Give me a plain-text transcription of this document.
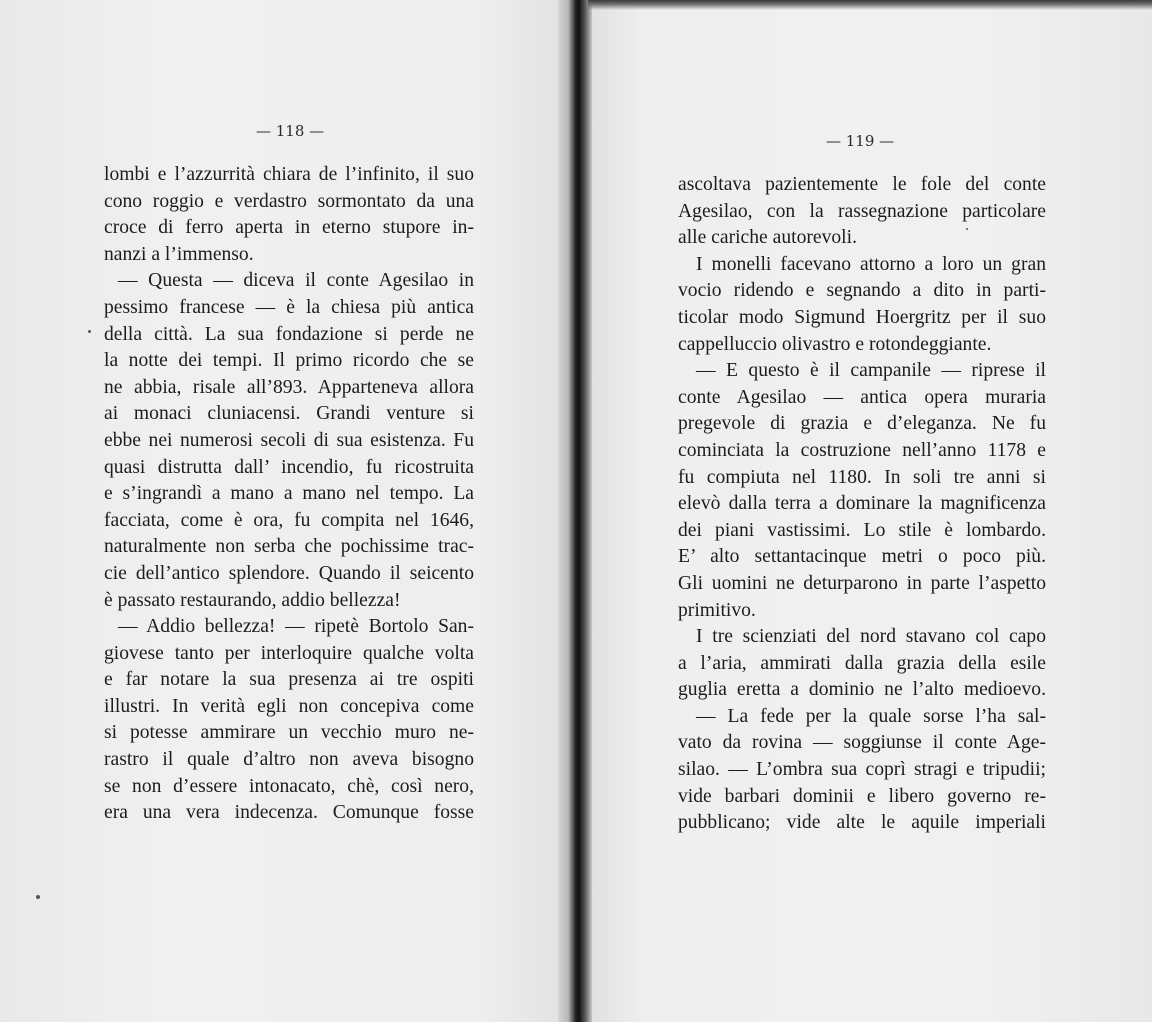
— 118 —
— 119 —
lombi e l’azzurrità chiara de l’infinito, il suo
cono roggio e verdastro sormontato da una
croce di ferro aperta in eterno stupore in-
nanzi a l’immenso.
— Questa — diceva il conte Agesilao in
pessimo francese — è la chiesa più antica
della città. La sua fondazione si perde ne
la notte dei tempi. Il primo ricordo che se
ne abbia, risale all’893. Apparteneva allora
ai monaci cluniacensi. Grandi venture si
ebbe nei numerosi secoli di sua esistenza. Fu
quasi distrutta dall’ incendio, fu ricostruita
e s’ingrandì a mano a mano nel tempo. La
facciata, come è ora, fu compita nel 1646,
naturalmente non serba che pochissime trac-
cie dell’antico splendore. Quando il seicento
è passato restaurando, addio bellezza!
— Addio bellezza! — ripetè Bortolo San-
giovese tanto per interloquire qualche volta
e far notare la sua presenza ai tre ospiti
illustri. In verità egli non concepiva come
si potesse ammirare un vecchio muro ne-
rastro il quale d’altro non aveva bisogno
se non d’essere intonacato, chè, così nero,
era una vera indecenza. Comunque fosse
ascoltava pazientemente le fole del conte
Agesilao, con la rassegnazione particolare
alle cariche autorevoli.
I monelli facevano attorno a loro un gran
vocio ridendo e segnando a dito in parti-
ticolar modo Sigmund Hoergritz per il suo
cappelluccio olivastro e rotondeggiante.
— E questo è il campanile — riprese il
conte Agesilao — antica opera muraria
pregevole di grazia e d’eleganza. Ne fu
cominciata la costruzione nell’anno 1178 e
fu compiuta nel 1180. In soli tre anni si
elevò dalla terra a dominare la magnificenza
dei piani vastissimi. Lo stile è lombardo.
E’ alto settantacinque metri o poco più.
Gli uomini ne deturparono in parte l’aspetto
primitivo.
I tre scienziati del nord stavano col capo
a l’aria, ammirati dalla grazia della esile
guglia eretta a dominio ne l’alto medioevo.
— La fede per la quale sorse l’ha sal-
vato da rovina — soggiunse il conte Age-
silao. — L’ombra sua coprì stragi e tripudii;
vide barbari dominii e libero governo re-
pubblicano; vide alte le aquile imperiali
